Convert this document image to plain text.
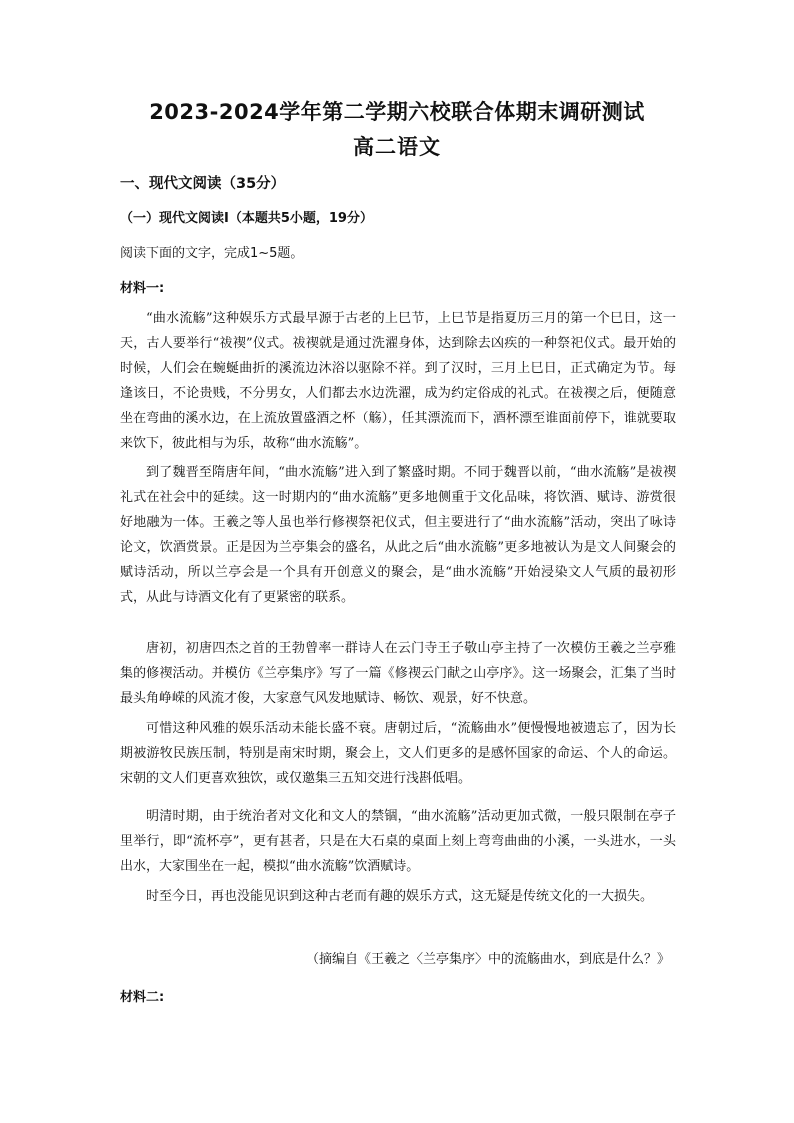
2023-2024学年第二学期六校联合体期末调研测试
高二语文
一、现代文阅读（35分）
（一）现代文阅读Ⅰ（本题共5小题，19分）
阅读下面的文字，完成1~5题。
材料一:
“曲水流觞”这种娱乐方式最早源于古老的上巳节，上巳节是指夏历三月的第一个巳日，这一天，古人要举行“祓禊”仪式。祓禊就是通过洗濯身体，达到除去凶疾的一种祭祀仪式。最开始的时候，人们会在蜿蜒曲折的溪流边沐浴以驱除不祥。到了汉时，三月上巳日，正式确定为节。每逢该日，不论贵贱，不分男女，人们都去水边洗濯，成为约定俗成的礼式。在祓禊之后，便随意坐在弯曲的溪水边，在上流放置盛酒之杯（觞），任其漂流而下，酒杯漂至谁面前停下，谁就要取来饮下，彼此相与为乐，故称“曲水流觞”。
到了魏晋至隋唐年间，“曲水流觞”进入到了繁盛时期。不同于魏晋以前，“曲水流觞”是祓禊礼式在社会中的延续。这一时期内的“曲水流觞”更多地侧重于文化品味，将饮酒、赋诗、游赏很好地融为一体。王羲之等人虽也举行修禊祭祀仪式，但主要进行了“曲水流觞”活动，突出了咏诗论文，饮酒赏景。正是因为兰亭集会的盛名，从此之后“曲水流觞”更多地被认为是文人间聚会的赋诗活动，所以兰亭会是一个具有开创意义的聚会，是“曲水流觞”开始浸染文人气质的最初形式，从此与诗酒文化有了更紧密的联系。
唐初，初唐四杰之首的王勃曾率一群诗人在云门寺王子敬山亭主持了一次模仿王羲之兰亭雅集的修禊活动。并模仿《兰亭集序》写了一篇《修禊云门献之山亭序》。这一场聚会，汇集了当时最头角峥嵘的风流才俊，大家意气风发地赋诗、畅饮、观景，好不快意。
可惜这种风雅的娱乐活动未能长盛不衰。唐朝过后，“流觞曲水”便慢慢地被遗忘了，因为长期被游牧民族压制，特别是南宋时期，聚会上，文人们更多的是感怀国家的命运、个人的命运。宋朝的文人们更喜欢独饮，或仅邀集三五知交进行浅斟低唱。
明清时期，由于统治者对文化和文人的禁锢，“曲水流觞”活动更加式微，一般只限制在亭子里举行，即“流杯亭”，更有甚者，只是在大石桌的桌面上刻上弯弯曲曲的小溪，一头进水，一头出水，大家围坐在一起，模拟“曲水流觞”饮酒赋诗。
时至今日，再也没能见识到这种古老而有趣的娱乐方式，这无疑是传统文化的一大损失。
（摘编自《王羲之〈兰亭集序〉中的流觞曲水，到底是什么？》
材料二:
